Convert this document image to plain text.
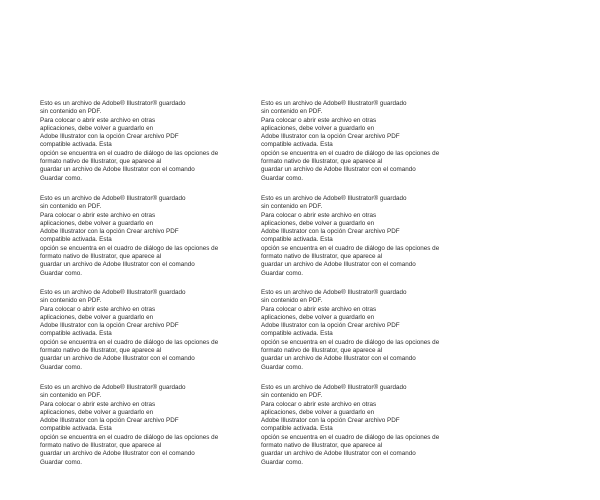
Esto es un archivo de Adobe® Illustrator® guardado
sin contenido en PDF.
Para colocar o abrir este archivo en otras
aplicaciones, debe volver a guardarlo en
Adobe Illustrator con la opción Crear archivo PDF
compatible activada. Esta
opción se encuentra en el cuadro de diálogo de las opciones de
formato nativo de Illustrator, que aparece al
guardar un archivo de Adobe Illustrator con el comando
Guardar como.
Esto es un archivo de Adobe® Illustrator® guardado
sin contenido en PDF.
Para colocar o abrir este archivo en otras
aplicaciones, debe volver a guardarlo en
Adobe Illustrator con la opción Crear archivo PDF
compatible activada. Esta
opción se encuentra en el cuadro de diálogo de las opciones de
formato nativo de Illustrator, que aparece al
guardar un archivo de Adobe Illustrator con el comando
Guardar como.
Esto es un archivo de Adobe® Illustrator® guardado
sin contenido en PDF.
Para colocar o abrir este archivo en otras
aplicaciones, debe volver a guardarlo en
Adobe Illustrator con la opción Crear archivo PDF
compatible activada. Esta
opción se encuentra en el cuadro de diálogo de las opciones de
formato nativo de Illustrator, que aparece al
guardar un archivo de Adobe Illustrator con el comando
Guardar como.
Esto es un archivo de Adobe® Illustrator® guardado
sin contenido en PDF.
Para colocar o abrir este archivo en otras
aplicaciones, debe volver a guardarlo en
Adobe Illustrator con la opción Crear archivo PDF
compatible activada. Esta
opción se encuentra en el cuadro de diálogo de las opciones de
formato nativo de Illustrator, que aparece al
guardar un archivo de Adobe Illustrator con el comando
Guardar como.
Esto es un archivo de Adobe® Illustrator® guardado
sin contenido en PDF.
Para colocar o abrir este archivo en otras
aplicaciones, debe volver a guardarlo en
Adobe Illustrator con la opción Crear archivo PDF
compatible activada. Esta
opción se encuentra en el cuadro de diálogo de las opciones de
formato nativo de Illustrator, que aparece al
guardar un archivo de Adobe Illustrator con el comando
Guardar como.
Esto es un archivo de Adobe® Illustrator® guardado
sin contenido en PDF.
Para colocar o abrir este archivo en otras
aplicaciones, debe volver a guardarlo en
Adobe Illustrator con la opción Crear archivo PDF
compatible activada. Esta
opción se encuentra en el cuadro de diálogo de las opciones de
formato nativo de Illustrator, que aparece al
guardar un archivo de Adobe Illustrator con el comando
Guardar como.
Esto es un archivo de Adobe® Illustrator® guardado
sin contenido en PDF.
Para colocar o abrir este archivo en otras
aplicaciones, debe volver a guardarlo en
Adobe Illustrator con la opción Crear archivo PDF
compatible activada. Esta
opción se encuentra en el cuadro de diálogo de las opciones de
formato nativo de Illustrator, que aparece al
guardar un archivo de Adobe Illustrator con el comando
Guardar como.
Esto es un archivo de Adobe® Illustrator® guardado
sin contenido en PDF.
Para colocar o abrir este archivo en otras
aplicaciones, debe volver a guardarlo en
Adobe Illustrator con la opción Crear archivo PDF
compatible activada. Esta
opción se encuentra en el cuadro de diálogo de las opciones de
formato nativo de Illustrator, que aparece al
guardar un archivo de Adobe Illustrator con el comando
Guardar como.
